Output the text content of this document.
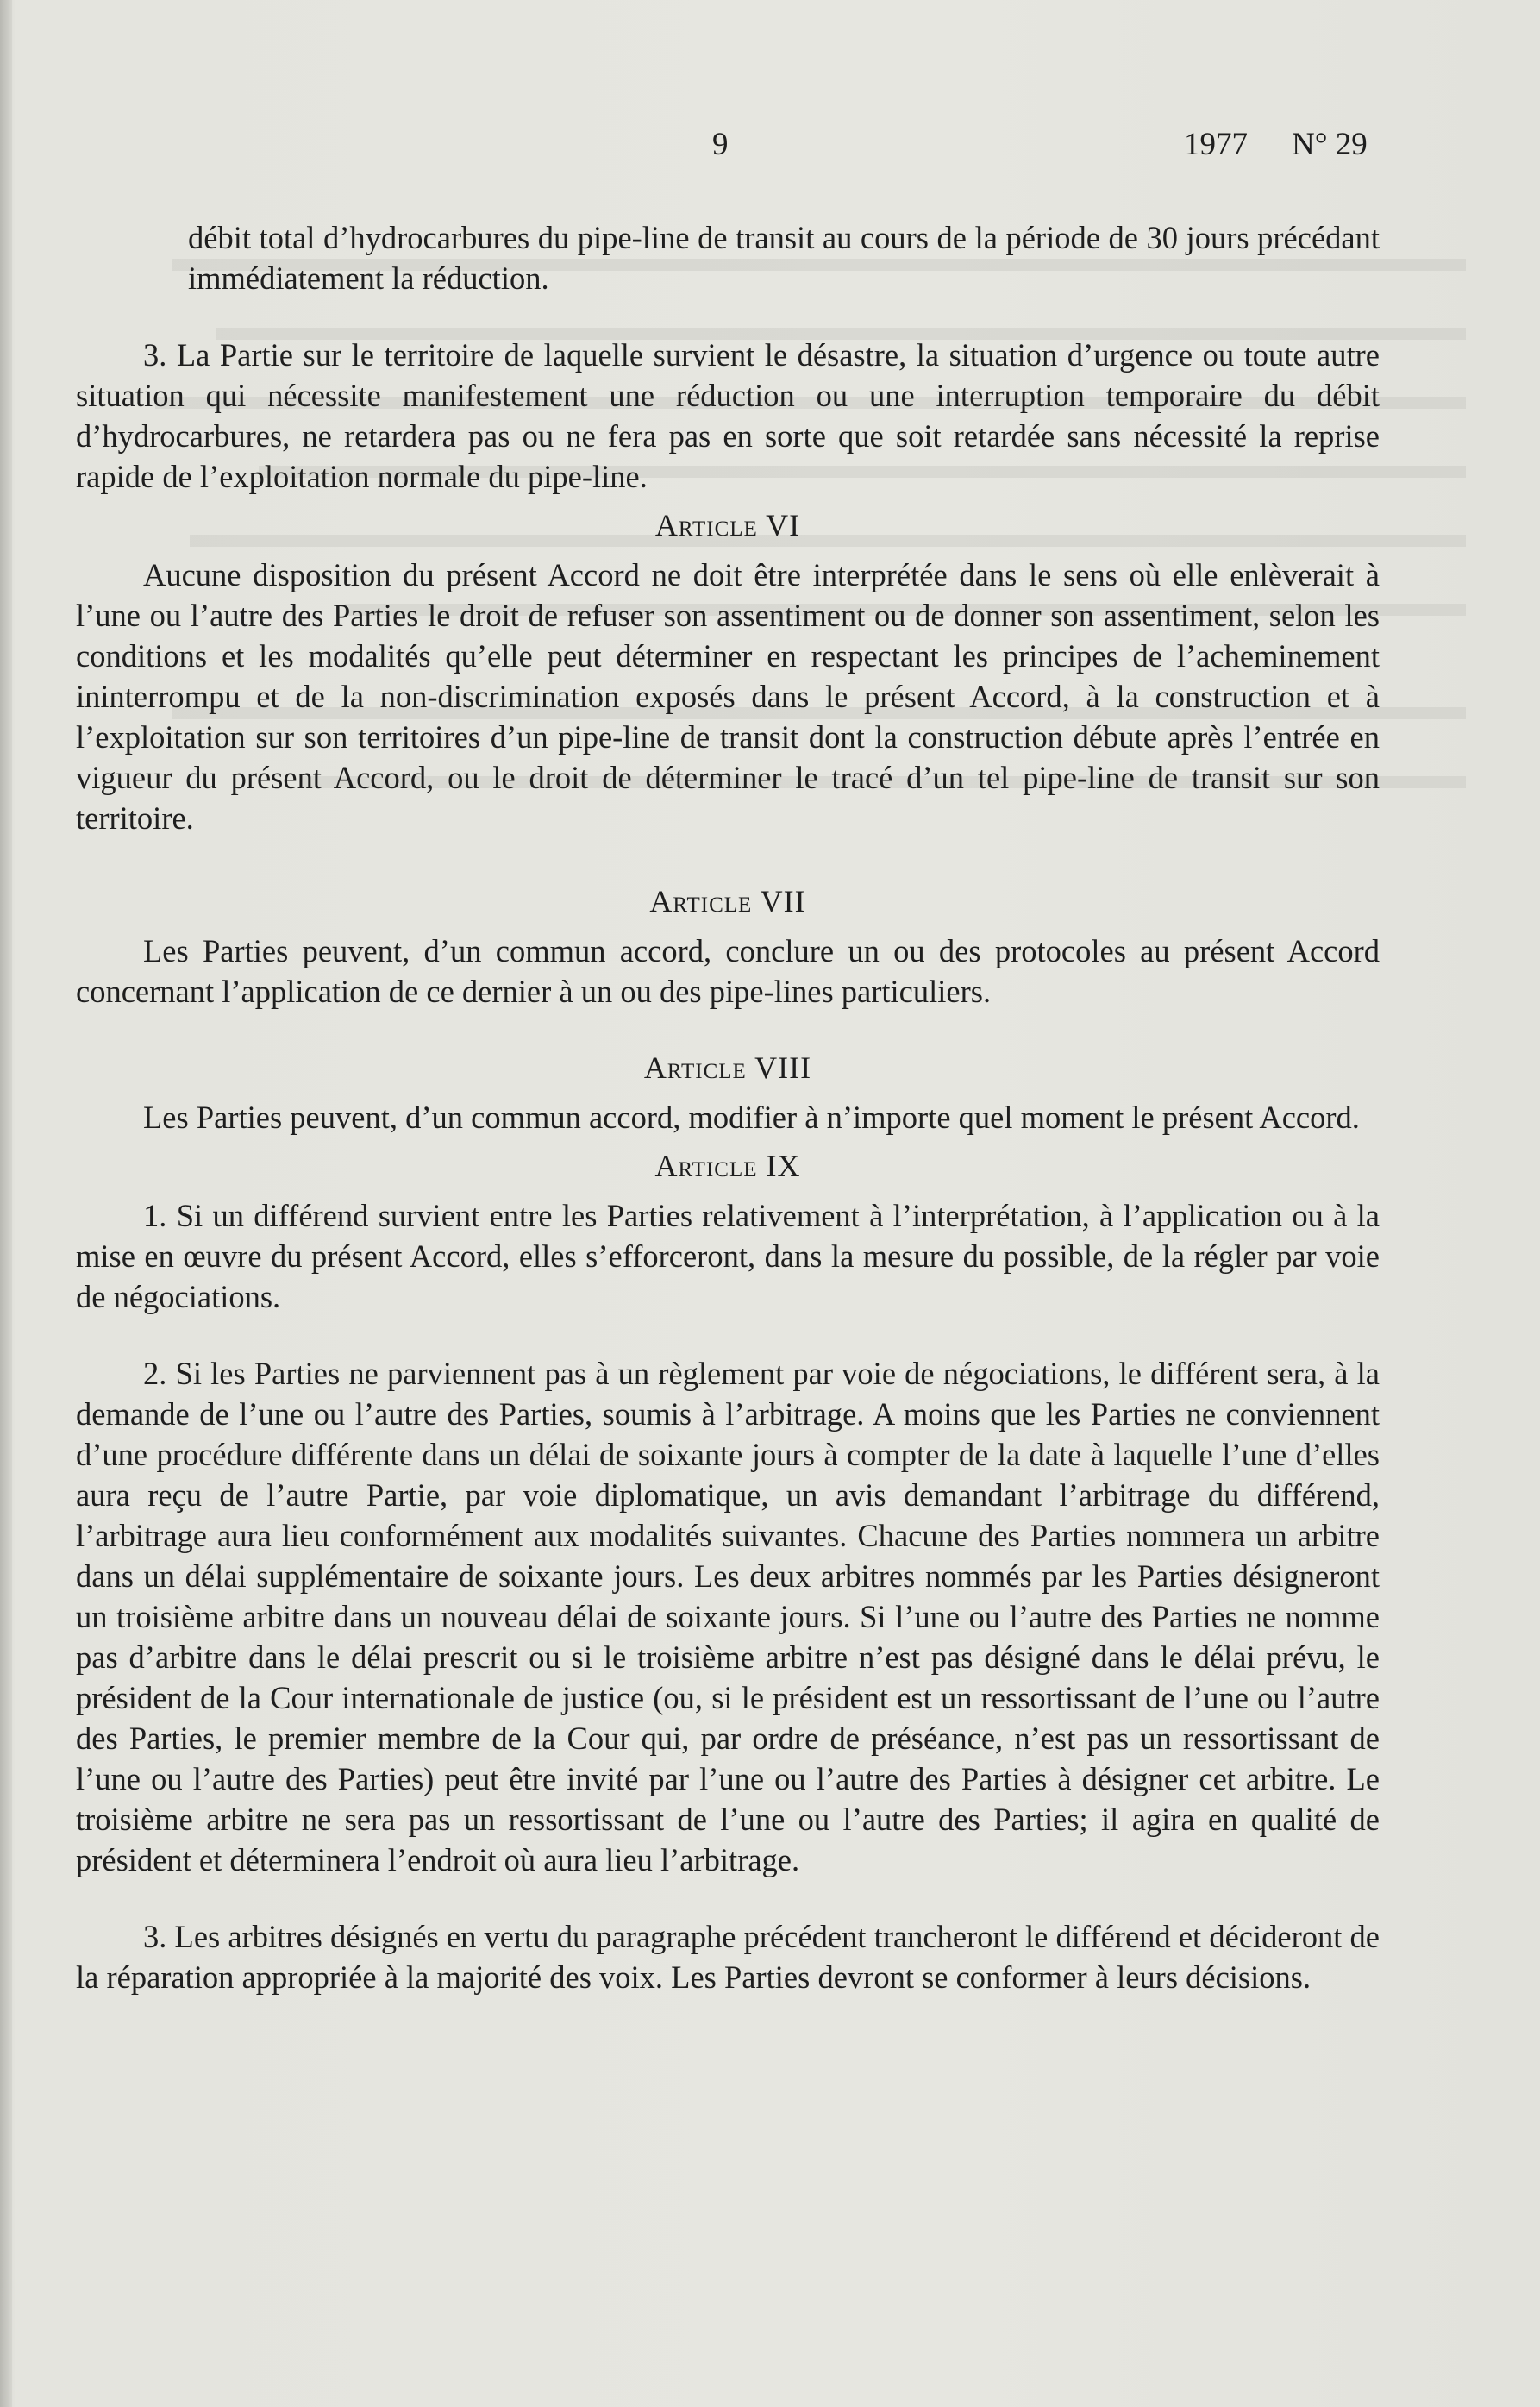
9	1977 N° 29

débit total d’hydrocarbures du pipe-line de transit au cours de la période de 30 jours précédant immédiatement la réduction.

3. La Partie sur le territoire de laquelle survient le désastre, la situation d’urgence ou toute autre situation qui nécessite manifestement une réduction ou une interruption temporaire du débit d’hydrocarbures, ne retardera pas ou ne fera pas en sorte que soit retardée sans nécessité la reprise rapide de l’exploitation normale du pipe-line.

Article VI

Aucune disposition du présent Accord ne doit être interprétée dans le sens où elle enlèverait à l’une ou l’autre des Parties le droit de refuser son assentiment ou de donner son assentiment, selon les conditions et les modalités qu’elle peut déterminer en respectant les principes de l’acheminement ininterrompu et de la non-discrimination exposés dans le présent Accord, à la construction et à l’exploitation sur son territoires d’un pipe-line de transit dont la construction débute après l’entrée en vigueur du présent Accord, ou le droit de déterminer le tracé d’un tel pipe-line de transit sur son territoire.

Article VII

Les Parties peuvent, d’un commun accord, conclure un ou des protocoles au présent Accord concernant l’application de ce dernier à un ou des pipe-lines particuliers.

Article VIII

Les Parties peuvent, d’un commun accord, modifier à n’importe quel moment le présent Accord.

Article IX

1. Si un différend survient entre les Parties relativement à l’interprétation, à l’application ou à la mise en œuvre du présent Accord, elles s’efforceront, dans la mesure du possible, de la régler par voie de négociations.

2. Si les Parties ne parviennent pas à un règlement par voie de négociations, le différent sera, à la demande de l’une ou l’autre des Parties, soumis à l’arbitrage. A moins que les Parties ne conviennent d’une procédure différente dans un délai de soixante jours à compter de la date à laquelle l’une d’elles aura reçu de l’autre Partie, par voie diplomatique, un avis demandant l’arbitrage du différend, l’arbitrage aura lieu conformément aux modalités suivantes. Chacune des Parties nommera un arbitre dans un délai supplémentaire de soixante jours. Les deux arbitres nommés par les Parties désigneront un troisième arbitre dans un nouveau délai de soixante jours. Si l’une ou l’autre des Parties ne nomme pas d’arbitre dans le délai prescrit ou si le troisième arbitre n’est pas désigné dans le délai prévu, le président de la Cour internationale de justice (ou, si le président est un ressortissant de l’une ou l’autre des Parties, le premier membre de la Cour qui, par ordre de préséance, n’est pas un ressortissant de l’une ou l’autre des Parties) peut être invité par l’une ou l’autre des Parties à désigner cet arbitre. Le troisième arbitre ne sera pas un ressortissant de l’une ou l’autre des Parties; il agira en qualité de président et déterminera l’endroit où aura lieu l’arbitrage.

3. Les arbitres désignés en vertu du paragraphe précédent trancheront le différend et décideront de la réparation appropriée à la majorité des voix. Les Parties devront se conformer à leurs décisions.
